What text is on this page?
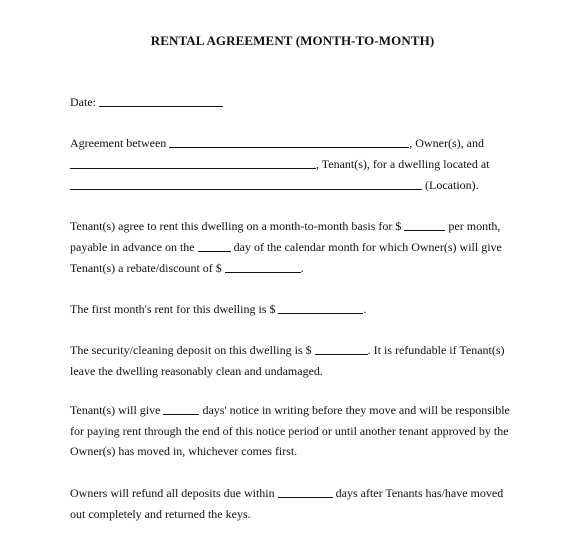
RENTAL AGREEMENT (MONTH-TO-MONTH)
Date:
Agreement between	, Owner(s), and
, Tenant(s), for a dwelling located at
(Location).
Tenant(s) agree to rent this dwelling on a month-to-month basis for $	per month,
payable in advance on the	day of the calendar month for which Owner(s) will give
Tenant(s) a rebate/discount of $	.
The first month's rent for this dwelling is $	.
The security/cleaning deposit on this dwelling is $	. It is refundable if Tenant(s)
leave the dwelling reasonably clean and undamaged.
Tenant(s) will give	days' notice in writing before they move and will be responsible
for paying rent through the end of this notice period or until another tenant approved by the
Owner(s) has moved in, whichever comes first.
Owners will refund all deposits due within	days after Tenants has/have moved
out completely and returned the keys.
